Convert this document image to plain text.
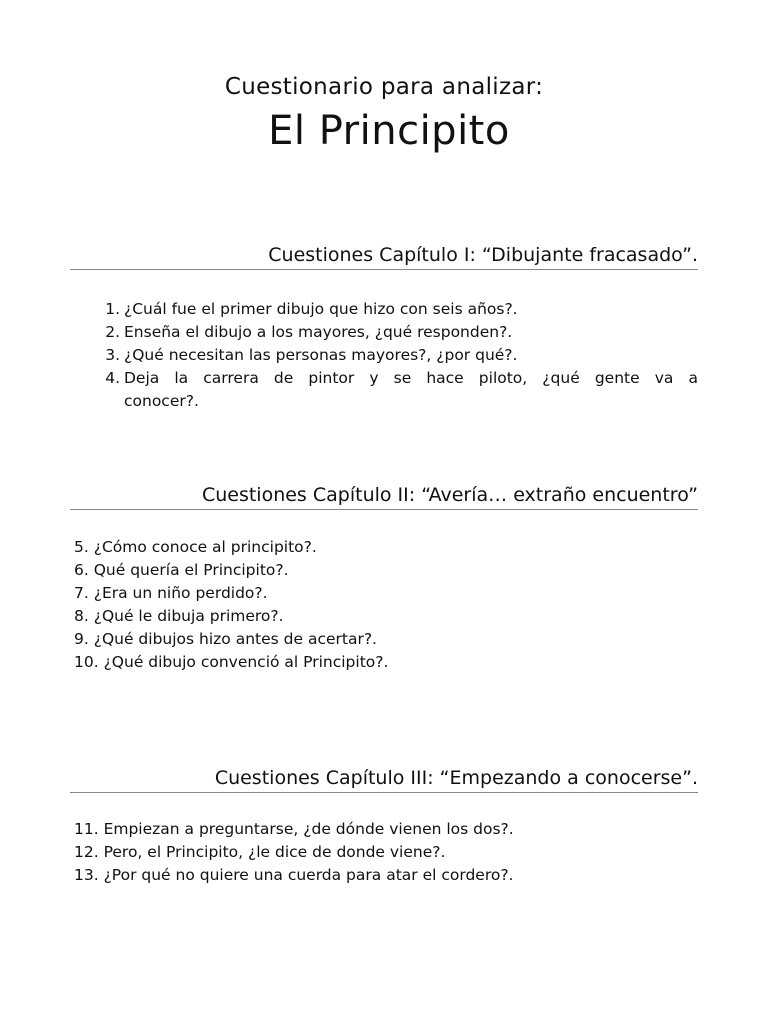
Cuestionario para analizar:
El Principito
Cuestiones Capítulo I: “Dibujante fracasado”.
1. ¿Cuál fue el primer dibujo que hizo con seis años?.
2. Enseña el dibujo a los mayores, ¿qué responden?.
3. ¿Qué necesitan las personas mayores?, ¿por qué?.
4. Deja la carrera de pintor y se hace piloto, ¿qué gente va a conocer?.
Cuestiones Capítulo II: “Avería… extraño encuentro”
5. ¿Cómo conoce al principito?.
6. Qué quería el Principito?.
7. ¿Era un niño perdido?.
8. ¿Qué le dibuja primero?.
9. ¿Qué dibujos hizo antes de acertar?.
10. ¿Qué dibujo convenció al Principito?.
Cuestiones Capítulo III: “Empezando a conocerse”.
11. Empiezan a preguntarse, ¿de dónde vienen los dos?.
12. Pero, el Principito, ¿le dice de donde viene?.
13. ¿Por qué no quiere una cuerda para atar el cordero?.
